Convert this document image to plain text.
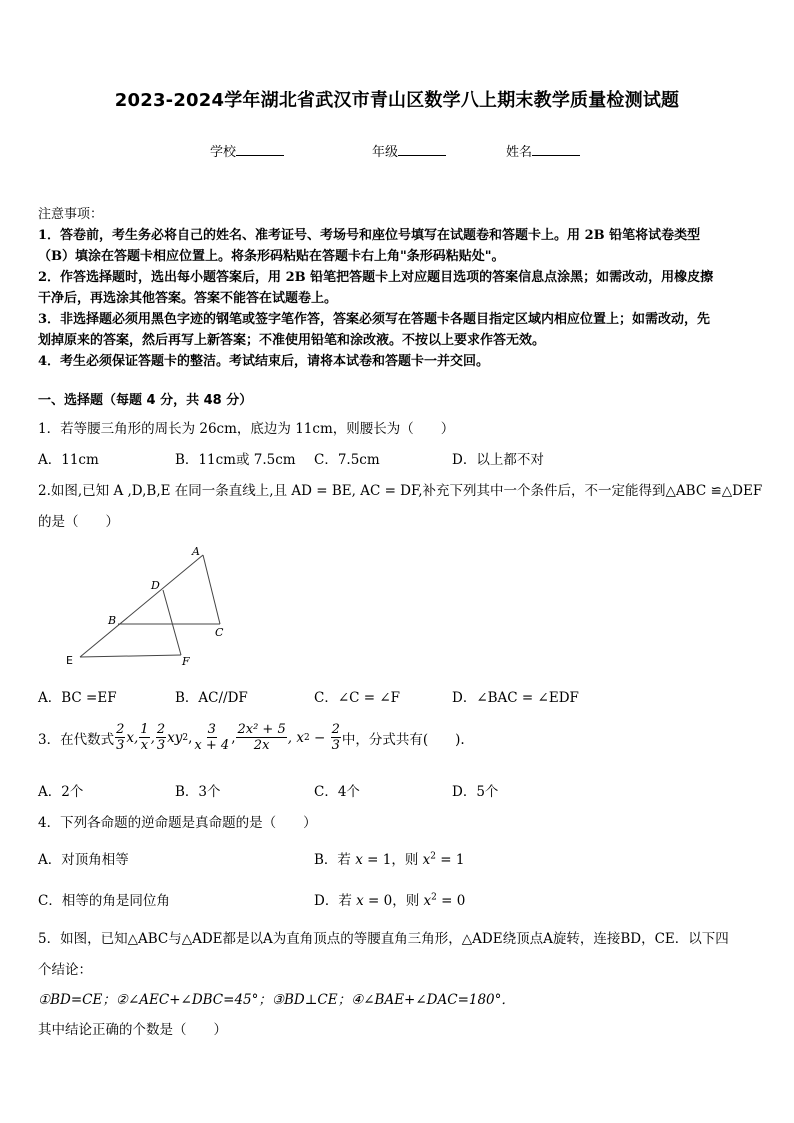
2023-2024学年湖北省武汉市青山区数学八上期末教学质量检测试题
学校	年级	姓名
注意事项：
1．答卷前，考生务必将自己的姓名、准考证号、考场号和座位号填写在试题卷和答题卡上。用 2B 铅笔将试卷类型
（B）填涂在答题卡相应位置上。将条形码粘贴在答题卡右上角"条形码粘贴处"。
2．作答选择题时，选出每小题答案后，用 2B 铅笔把答题卡上对应题目选项的答案信息点涂黑；如需改动，用橡皮擦
干净后，再选涂其他答案。答案不能答在试题卷上。
3．非选择题必须用黑色字迹的钢笔或签字笔作答，答案必须写在答题卡各题目指定区域内相应位置上；如需改动，先
划掉原来的答案，然后再写上新答案；不准使用铅笔和涂改液。不按以上要求作答无效。
4．考生必须保证答题卡的整洁。考试结束后，请将本试卷和答题卡一并交回。
一、选择题（每题 4 分，共 48 分）
1．若等腰三角形的周长为 26cm，底边为 11cm，则腰长为（　　）
A．11cm	B．11cm或 7.5cm C．7.5cm	D．以上都不对
2.如图,已知 A ,D,B,E 在同一条直线上,且 AD = BE, AC = DF,补充下列其中一个条件后，不一定能得到△ABC ≌△DEF
的是（　　）
A
D
B
C
E	F
A．BC =EF	B．AC//DF	C．∠C = ∠F	D．∠BAC = ∠EDF
3．在代数式 $\frac{2}{3} x$, $\frac{1}{x}$ , $\frac{2}{3}$ xy 2 , $\frac{3}{x + 4}$ , $\frac{\text{2x² + 5}}{2x}$ , x $2 - \frac{2}{3}$ 中，分式共有(　　).
A．2个	B．3个	C．4个	D．5个
4．下列各命题的逆命题是真命题的是（　　）
A．对顶角相等	B．若 x = 1，则 $x^2 = 1$
C．相等的角是同位角	D．若 x = 0，则 $x^2 = 0$
5．如图，已知△ABC与△ADE都是以A为直角顶点的等腰直角三角形，△ADE绕顶点A旋转，连接BD，CE．以下四
个结论：
①BD=CE；②∠AEC+∠DBC=45°；③BD⊥CE；④∠BAE+∠DAC=180°．
其中结论正确的个数是（　　）
